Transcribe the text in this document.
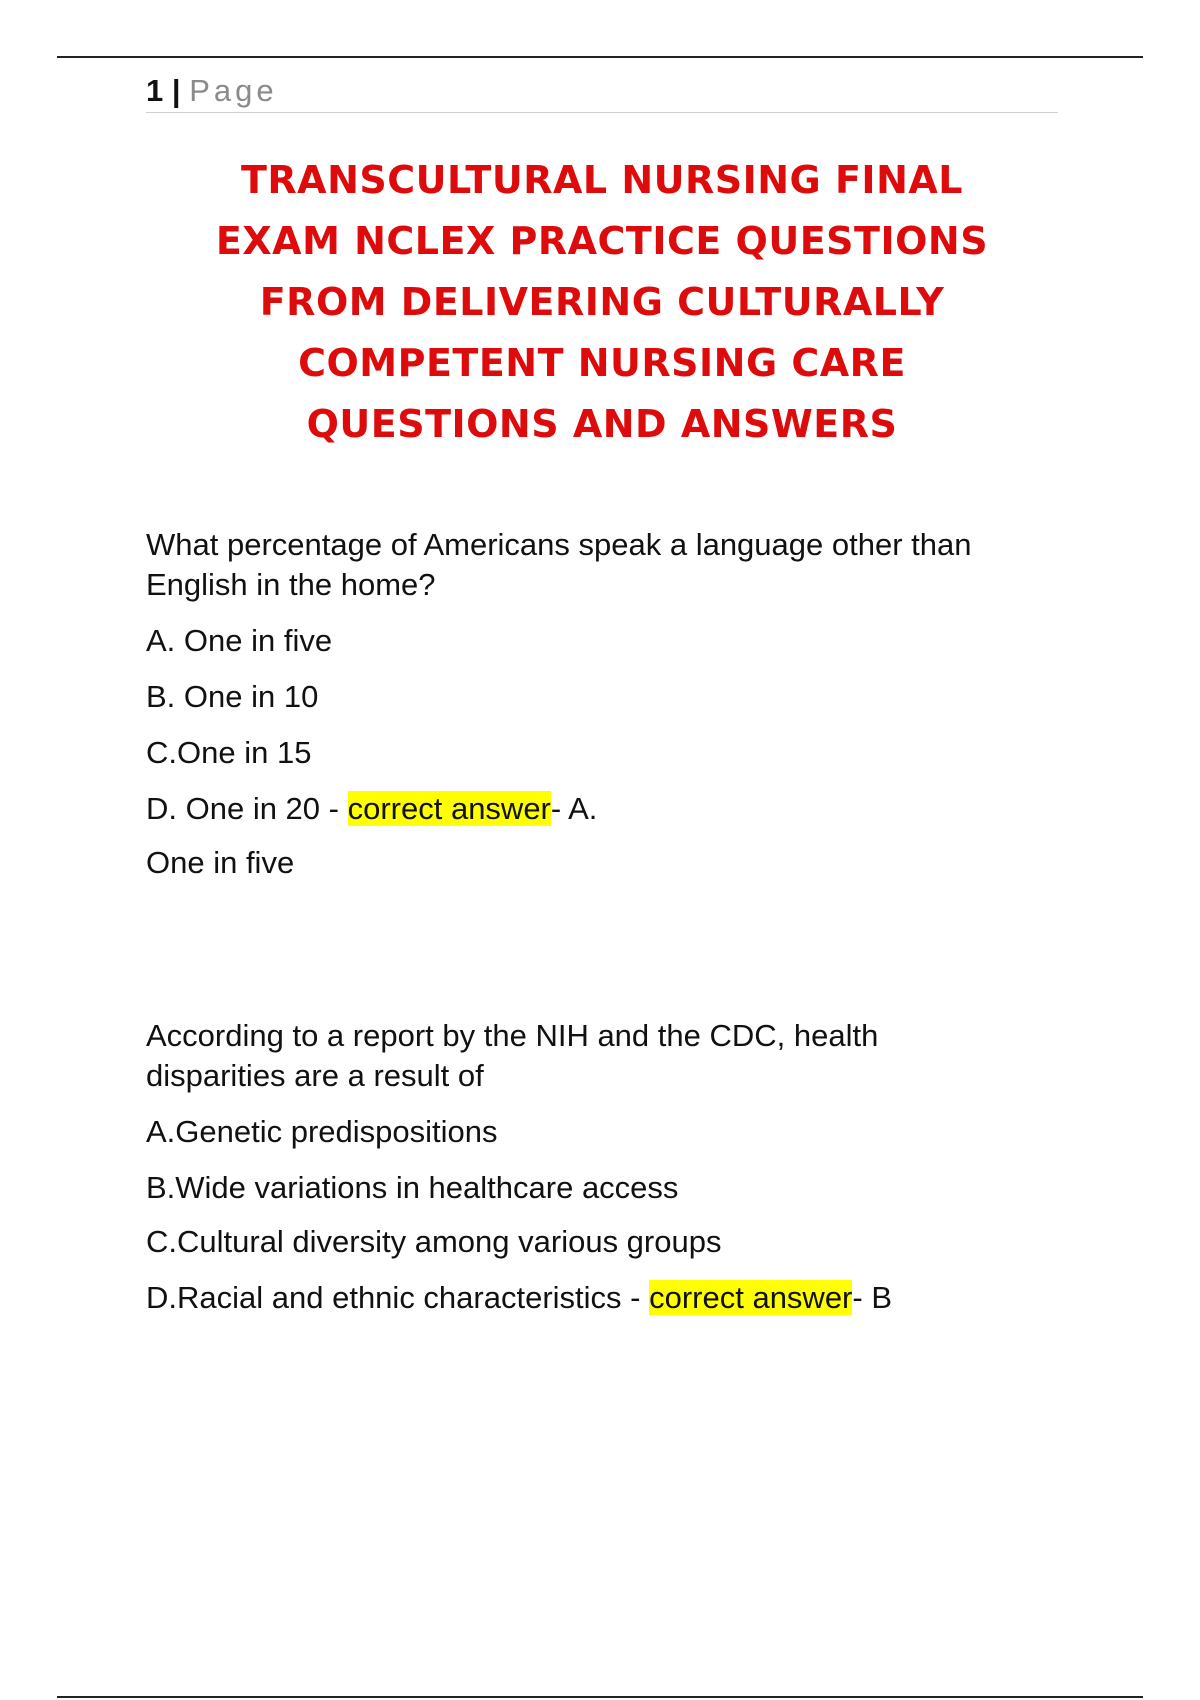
1 | Page
TRANSCULTURAL NURSING FINAL
EXAM NCLEX PRACTICE QUESTIONS
FROM DELIVERING CULTURALLY
COMPETENT NURSING CARE
QUESTIONS AND ANSWERS

What percentage of Americans speak a language other than
English in the home?

A. One in five

B. One in 10

C.One in 15

D. One in 20 - correct answer- A.

One in five

According to a report by the NIH and the CDC, health
disparities are a result of

A.Genetic predispositions

B.Wide variations in healthcare access

C.Cultural diversity among various groups

D.Racial and ethnic characteristics - correct answer- B
